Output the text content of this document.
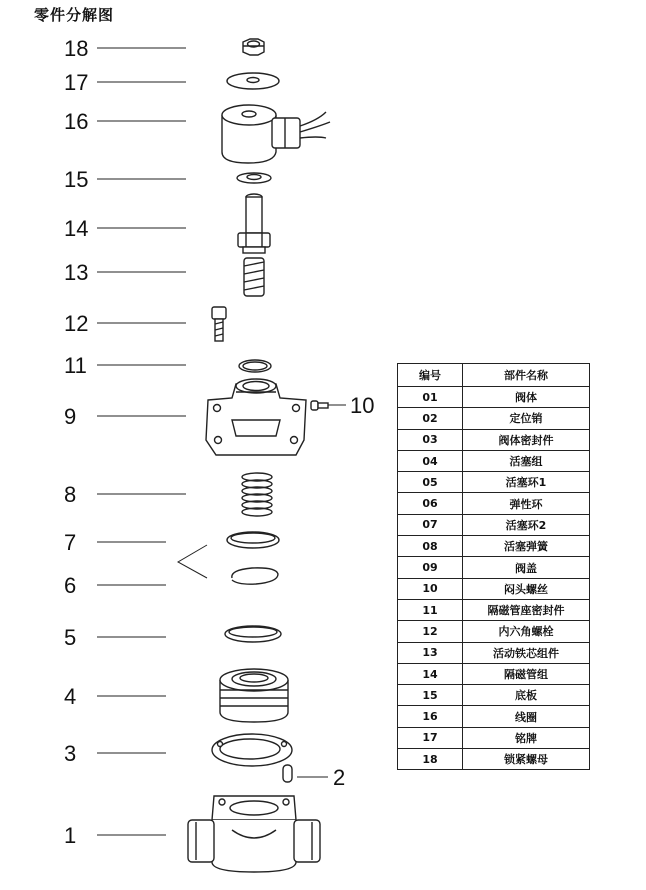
零件分解图
18
17
16
15
14
13
12
11
9
8
7
6
5
4
3
1
10
2
编号	部件名称
01	阀体
02	定位销
03	阀体密封件
04	活塞组
05	活塞环1
06	弹性环
07	活塞环2
08	活塞弹簧
09	阀盖
10	闷头螺丝
11	隔磁管座密封件
12	内六角螺栓
13	活动铁芯组件
14	隔磁管组
15	底板
16	线圈
17	铭牌
18	锁紧螺母
